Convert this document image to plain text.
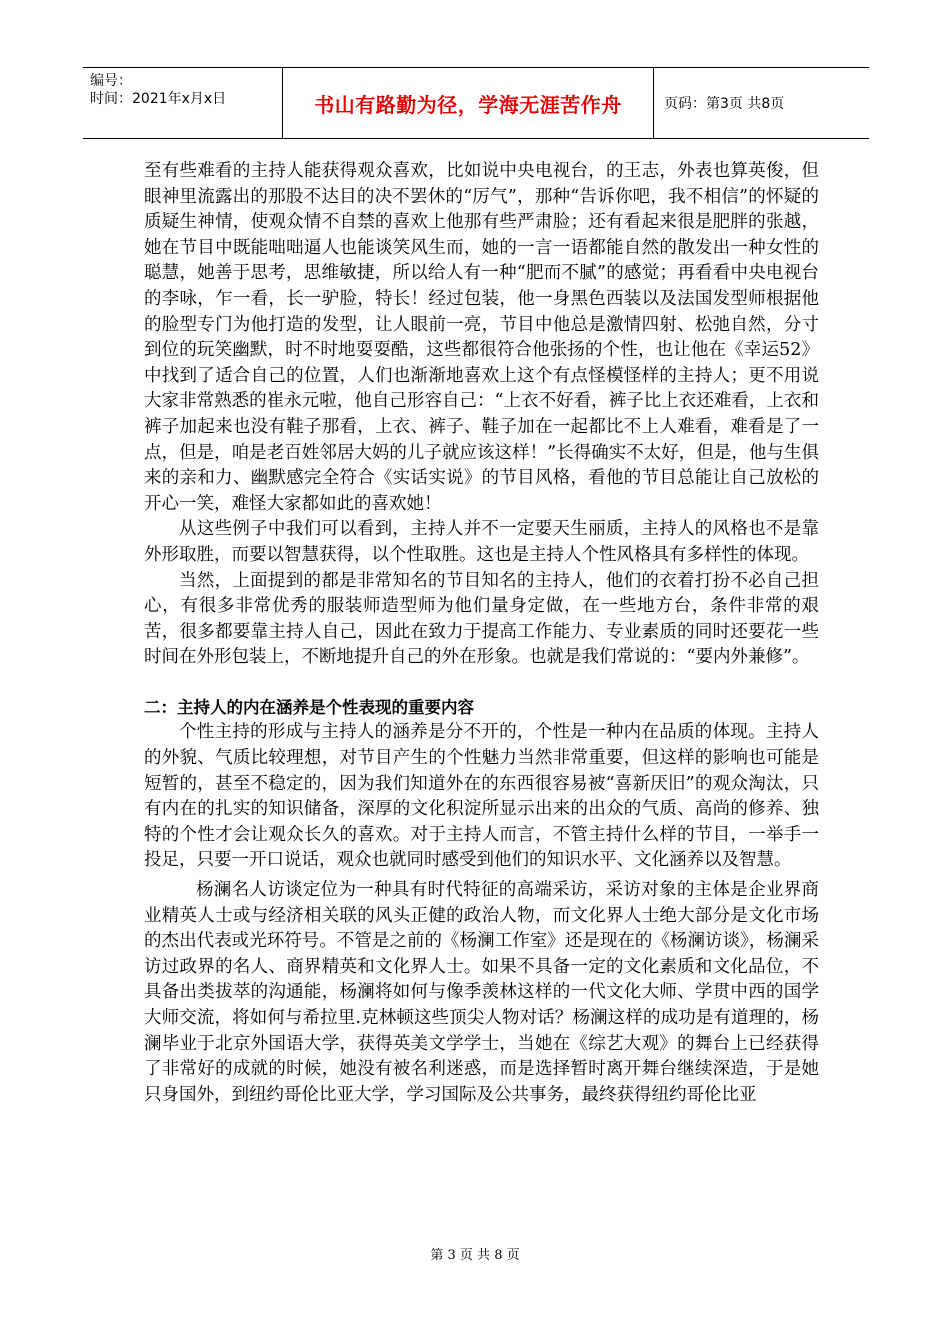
编号：
时间：2021年x月x日	书山有路勤为径，学海无涯苦作舟	页码：第3页 共8页

至有些难看的主持人能获得观众喜欢，比如说中央电视台，的王志，外表也算英俊，但眼神里流露出的那股不达目的决不罢休的“厉气”，那种“告诉你吧，我不相信”的怀疑的质疑生神情，使观众情不自禁的喜欢上他那有些严肃脸；还有看起来很是肥胖的张越，她在节目中既能咄咄逼人也能谈笑风生而，她的一言一语都能自然的散发出一种女性的聪慧，她善于思考，思维敏捷，所以给人有一种“肥而不腻”的感觉；再看看中央电视台的李咏，乍一看，长一驴脸，特长！经过包装，他一身黑色西装以及法国发型师根据他的脸型专门为他打造的发型，让人眼前一亮，节目中他总是激情四射、松弛自然，分寸到位的玩笑幽默，时不时地耍耍酷，这些都很符合他张扬的个性，也让他在《幸运52》中找到了适合自己的位置，人们也渐渐地喜欢上这个有点怪模怪样的主持人；更不用说大家非常熟悉的崔永元啦，他自己形容自己：“上衣不好看，裤子比上衣还难看，上衣和裤子加起来也没有鞋子那看，上衣、裤子、鞋子加在一起都比不上人难看，难看是了一点，但是，咱是老百姓邻居大妈的儿子就应该这样！”长得确实不太好，但是，他与生俱来的亲和力、幽默感完全符合《实话实说》的节目风格，看他的节目总能让自己放松的开心一笑，难怪大家都如此的喜欢她！

从这些例子中我们可以看到，主持人并不一定要天生丽质，主持人的风格也不是靠外形取胜，而要以智慧获得，以个性取胜。这也是主持人个性风格具有多样性的体现。

当然，上面提到的都是非常知名的节目知名的主持人，他们的衣着打扮不必自己担心，有很多非常优秀的服装师造型师为他们量身定做，在一些地方台，条件非常的艰苦，很多都要靠主持人自己，因此在致力于提高工作能力、专业素质的同时还要花一些时间在外形包装上，不断地提升自己的外在形象。也就是我们常说的：“要内外兼修”。

二：主持人的内在涵养是个性表现的重要内容

个性主持的形成与主持人的涵养是分不开的，个性是一种内在品质的体现。主持人的外貌、气质比较理想，对节目产生的个性魅力当然非常重要，但这样的影响也可能是短暂的，甚至不稳定的，因为我们知道外在的东西很容易被“喜新厌旧”的观众淘汰，只有内在的扎实的知识储备，深厚的文化积淀所显示出来的出众的气质、高尚的修养、独特的个性才会让观众长久的喜欢。对于主持人而言，不管主持什么样的节目，一举手一投足，只要一开口说话，观众也就同时感受到他们的知识水平、文化涵养以及智慧。

杨澜名人访谈定位为一种具有时代特征的高端采访，采访对象的主体是企业界商业精英人士或与经济相关联的风头正健的政治人物，而文化界人士绝大部分是文化市场的杰出代表或光环符号。不管是之前的《杨澜工作室》还是现在的《杨澜访谈》，杨澜采访过政界的名人、商界精英和文化界人士。如果不具备一定的文化素质和文化品位，不具备出类拔萃的沟通能，杨澜将如何与像季羡林这样的一代文化大师、学贯中西的国学大师交流，将如何与希拉里.克林顿这些顶尖人物对话？杨澜这样的成功是有道理的，杨澜毕业于北京外国语大学，获得英美文学学士，当她在《综艺大观》的舞台上已经获得了非常好的成就的时候，她没有被名利迷惑，而是选择暂时离开舞台继续深造，于是她只身国外，到纽约哥伦比亚大学，学习国际及公共事务，最终获得纽约哥伦比亚

第 3 页 共 8 页
